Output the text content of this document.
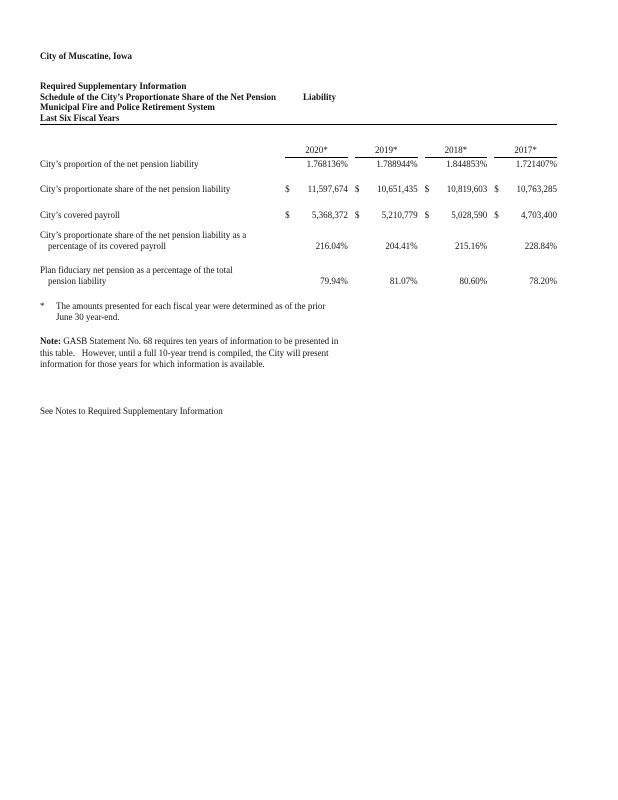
City of Muscatine, Iowa
Required Supplementary Information
Schedule of the City’s Proportionate Share of the Net Pension	Liability
Municipal Fire and Police Retirement System
Last Six Fiscal Years
2020*	2019*	2018*	2017*
City’s proportion of the net pension liability	1.768136%	1.788944%	1.844853%	1.721407%
City’s proportionate share of the net pension liability	$ 11,597,674 $ 10,651,435 $ 10,819,603 $ 10,763,285
City’s covered payroll	$ 5,368,372 $ 5,210,779 $ 5,028,590 $ 4,703,400
City’s proportionate share of the net pension liability as a
percentage of its covered payroll	216.04%	204.41%	215.16%	228.84%
Plan fiduciary net pension as a percentage of the total
pension liability	79.94%	81.07%	80.60%	78.20%
*	The amounts presented for each fiscal year were determined as of the prior
June 30 year-end.
Note: GASB Statement No. 68 requires ten years of information to be presented in
this table.   However, until a full 10-year trend is compiled, the City will present
information for those years for which information is available.
See Notes to Required Supplementary Information
